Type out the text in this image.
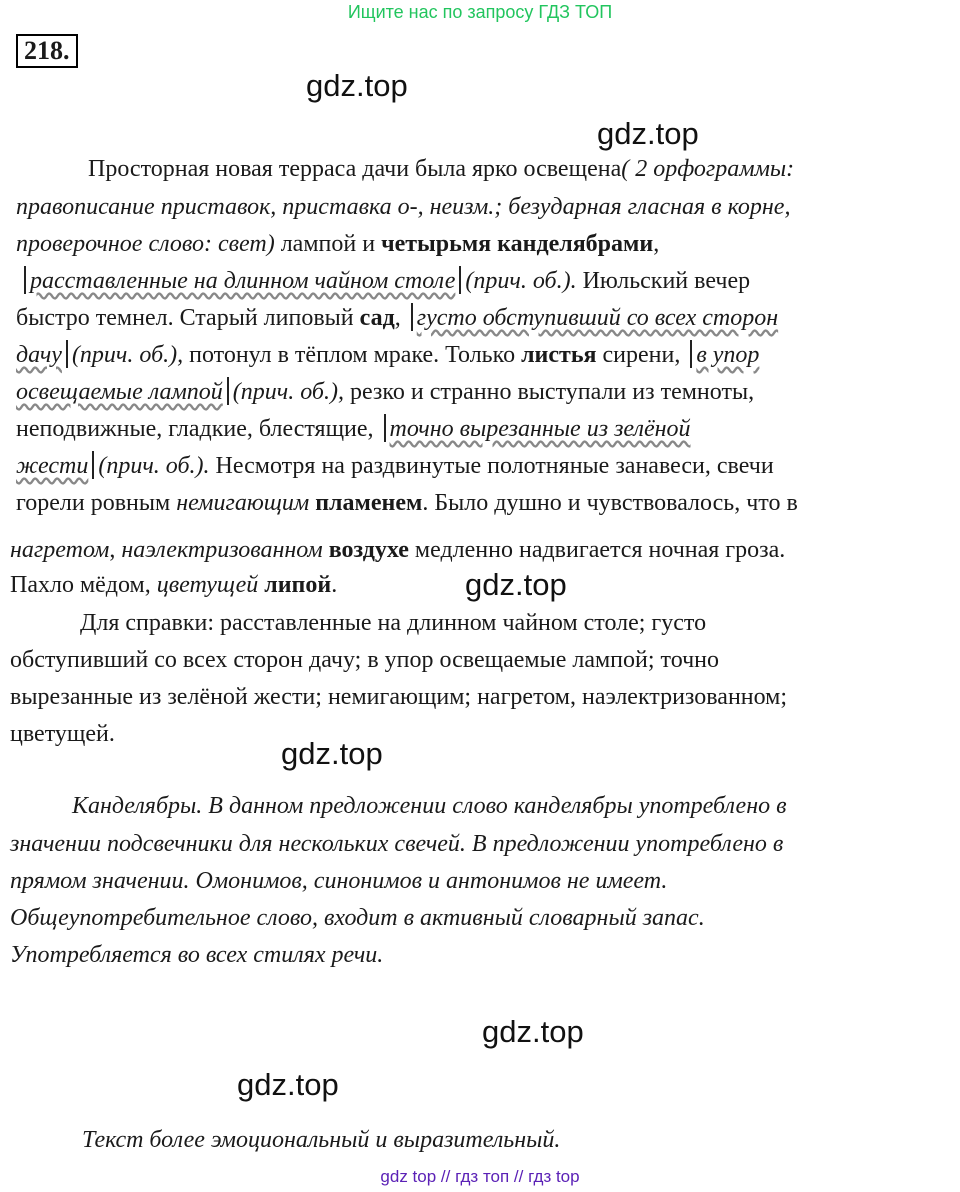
Ищите нас по запросу ГДЗ ТОП
218.
gdz.top
gdz.top
Просторная новая терраса дачи была ярко освещена( 2 орфограммы:
правописание приставок, приставка о-, неизм.; безударная гласная в корне,
проверочное слово: свет) лампой и четырьмя канделябрами,
расставленные на длинном чайном столе (прич. об.). Июльский вечер
быстро темнел. Старый липовый сад, густо обступивший со всех сторон
дачу (прич. об.), потонул в тёплом мраке. Только листья сирени, в упор
освещаемые лампой (прич. об.), резко и странно выступали из темноты,
неподвижные, гладкие, блестящие, точно вырезанные из зелёной
жести (прич. об.). Несмотря на раздвинутые полотняные занавеси, свечи
горели ровным немигающим пламенем. Было душно и чувствовалось, что в
нагретом, наэлектризованном воздухе медленно надвигается ночная гроза.
Пахло мёдом, цветущей липой.	gdz.top
Для справки: расставленные на длинном чайном столе; густо
обступивший со всех сторон дачу; в упор освещаемые лампой; точно
вырезанные из зелёной жести; немигающим; нагретом, наэлектризованном;
цветущей.
gdz.top
Канделябры. В данном предложении слово канделябры употреблено в
значении подсвечники для нескольких свечей. В предложении употреблено в
прямом значении. Омонимов, синонимов и антонимов не имеет.
Общеупотребительное слово, входит в активный словарный запас.
Употребляется во всех стилях речи.
gdz.top
gdz.top
Текст более эмоциональный и выразительный.
gdz top // гдз топ // гдз top
